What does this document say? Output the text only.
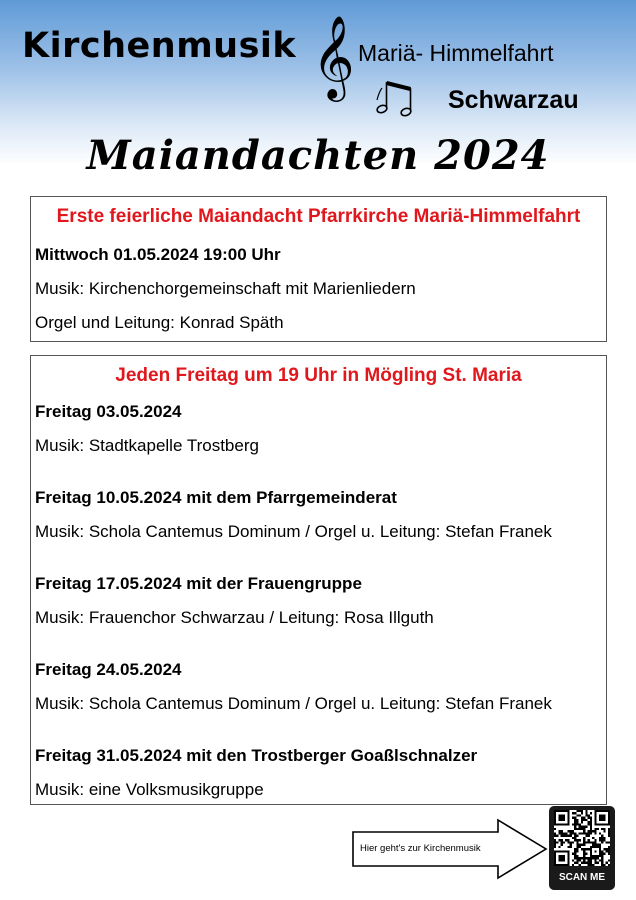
Kirchenmusik 𝄞 Mariä- Himmelfahrt
Schwarzau
Maiandachten 2024
Erste feierliche Maiandacht Pfarrkirche Mariä-Himmelfahrt
Mittwoch 01.05.2024 19:00 Uhr
Musik: Kirchenchorgemeinschaft mit Marienliedern
Orgel und Leitung: Konrad Späth
Jeden Freitag um 19 Uhr in Mögling St. Maria
Freitag 03.05.2024
Musik: Stadtkapelle Trostberg
Freitag 10.05.2024 mit dem Pfarrgemeinderat
Musik: Schola Cantemus Dominum / Orgel u. Leitung: Stefan Franek
Freitag 17.05.2024 mit der Frauengruppe
Musik: Frauenchor Schwarzau / Leitung: Rosa Illguth
Freitag 24.05.2024
Musik: Schola Cantemus Dominum / Orgel u. Leitung: Stefan Franek
Freitag 31.05.2024 mit den Trostberger Goaßlschnalzer
Musik: eine Volksmusikgruppe
Hier geht's zur Kirchenmusik
SCAN ME
